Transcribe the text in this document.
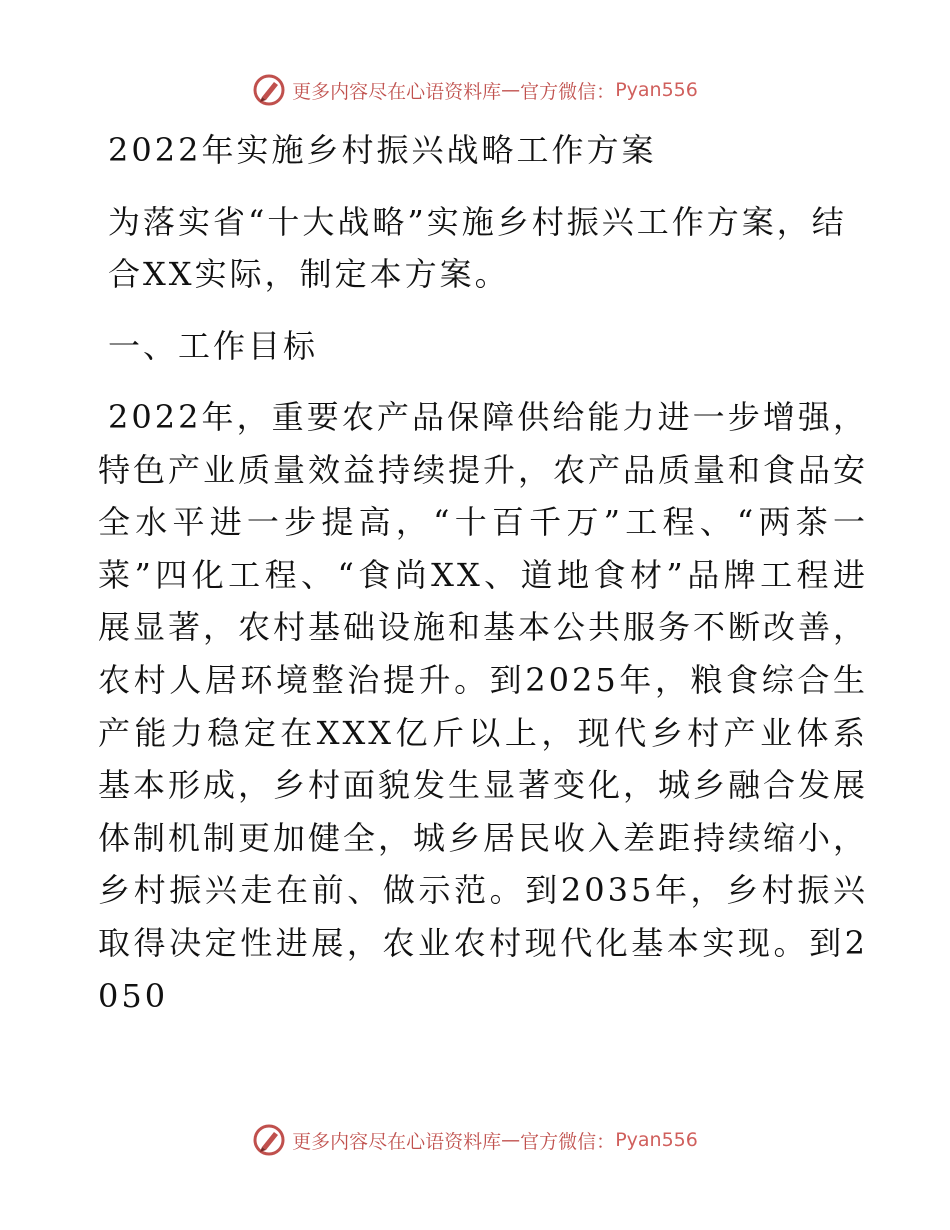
更多内容尽在心语资料库 — 官方微信： Pyan556

2022年实施乡村振兴战略工作方案

为落实省“十大战略”实施乡村振兴工作方案，结合XX实际，制定本方案。

一、工作目标

2022年，重要农产品保障供给能力进一步增强，特色产业质量效益持续提升，农产品质量和食品安全水平进一步提高，“十百千万”工程、“两茶一菜”四化工程、“食尚XX、道地食材”品牌工程进展显著，农村基础设施和基本公共服务不断改善，农村人居环境整治提升。到2025年，粮食综合生产能力稳定在XXX亿斤以上，现代乡村产业体系基本形成，乡村面貌发生显著变化，城乡融合发展体制机制更加健全，城乡居民收入差距持续缩小，乡村振兴走在前、做示范。到2035年，乡村振兴取得决定性进展，农业农村现代化基本实现。到2050

更多内容尽在心语资料库 — 官方微信： Pyan556
